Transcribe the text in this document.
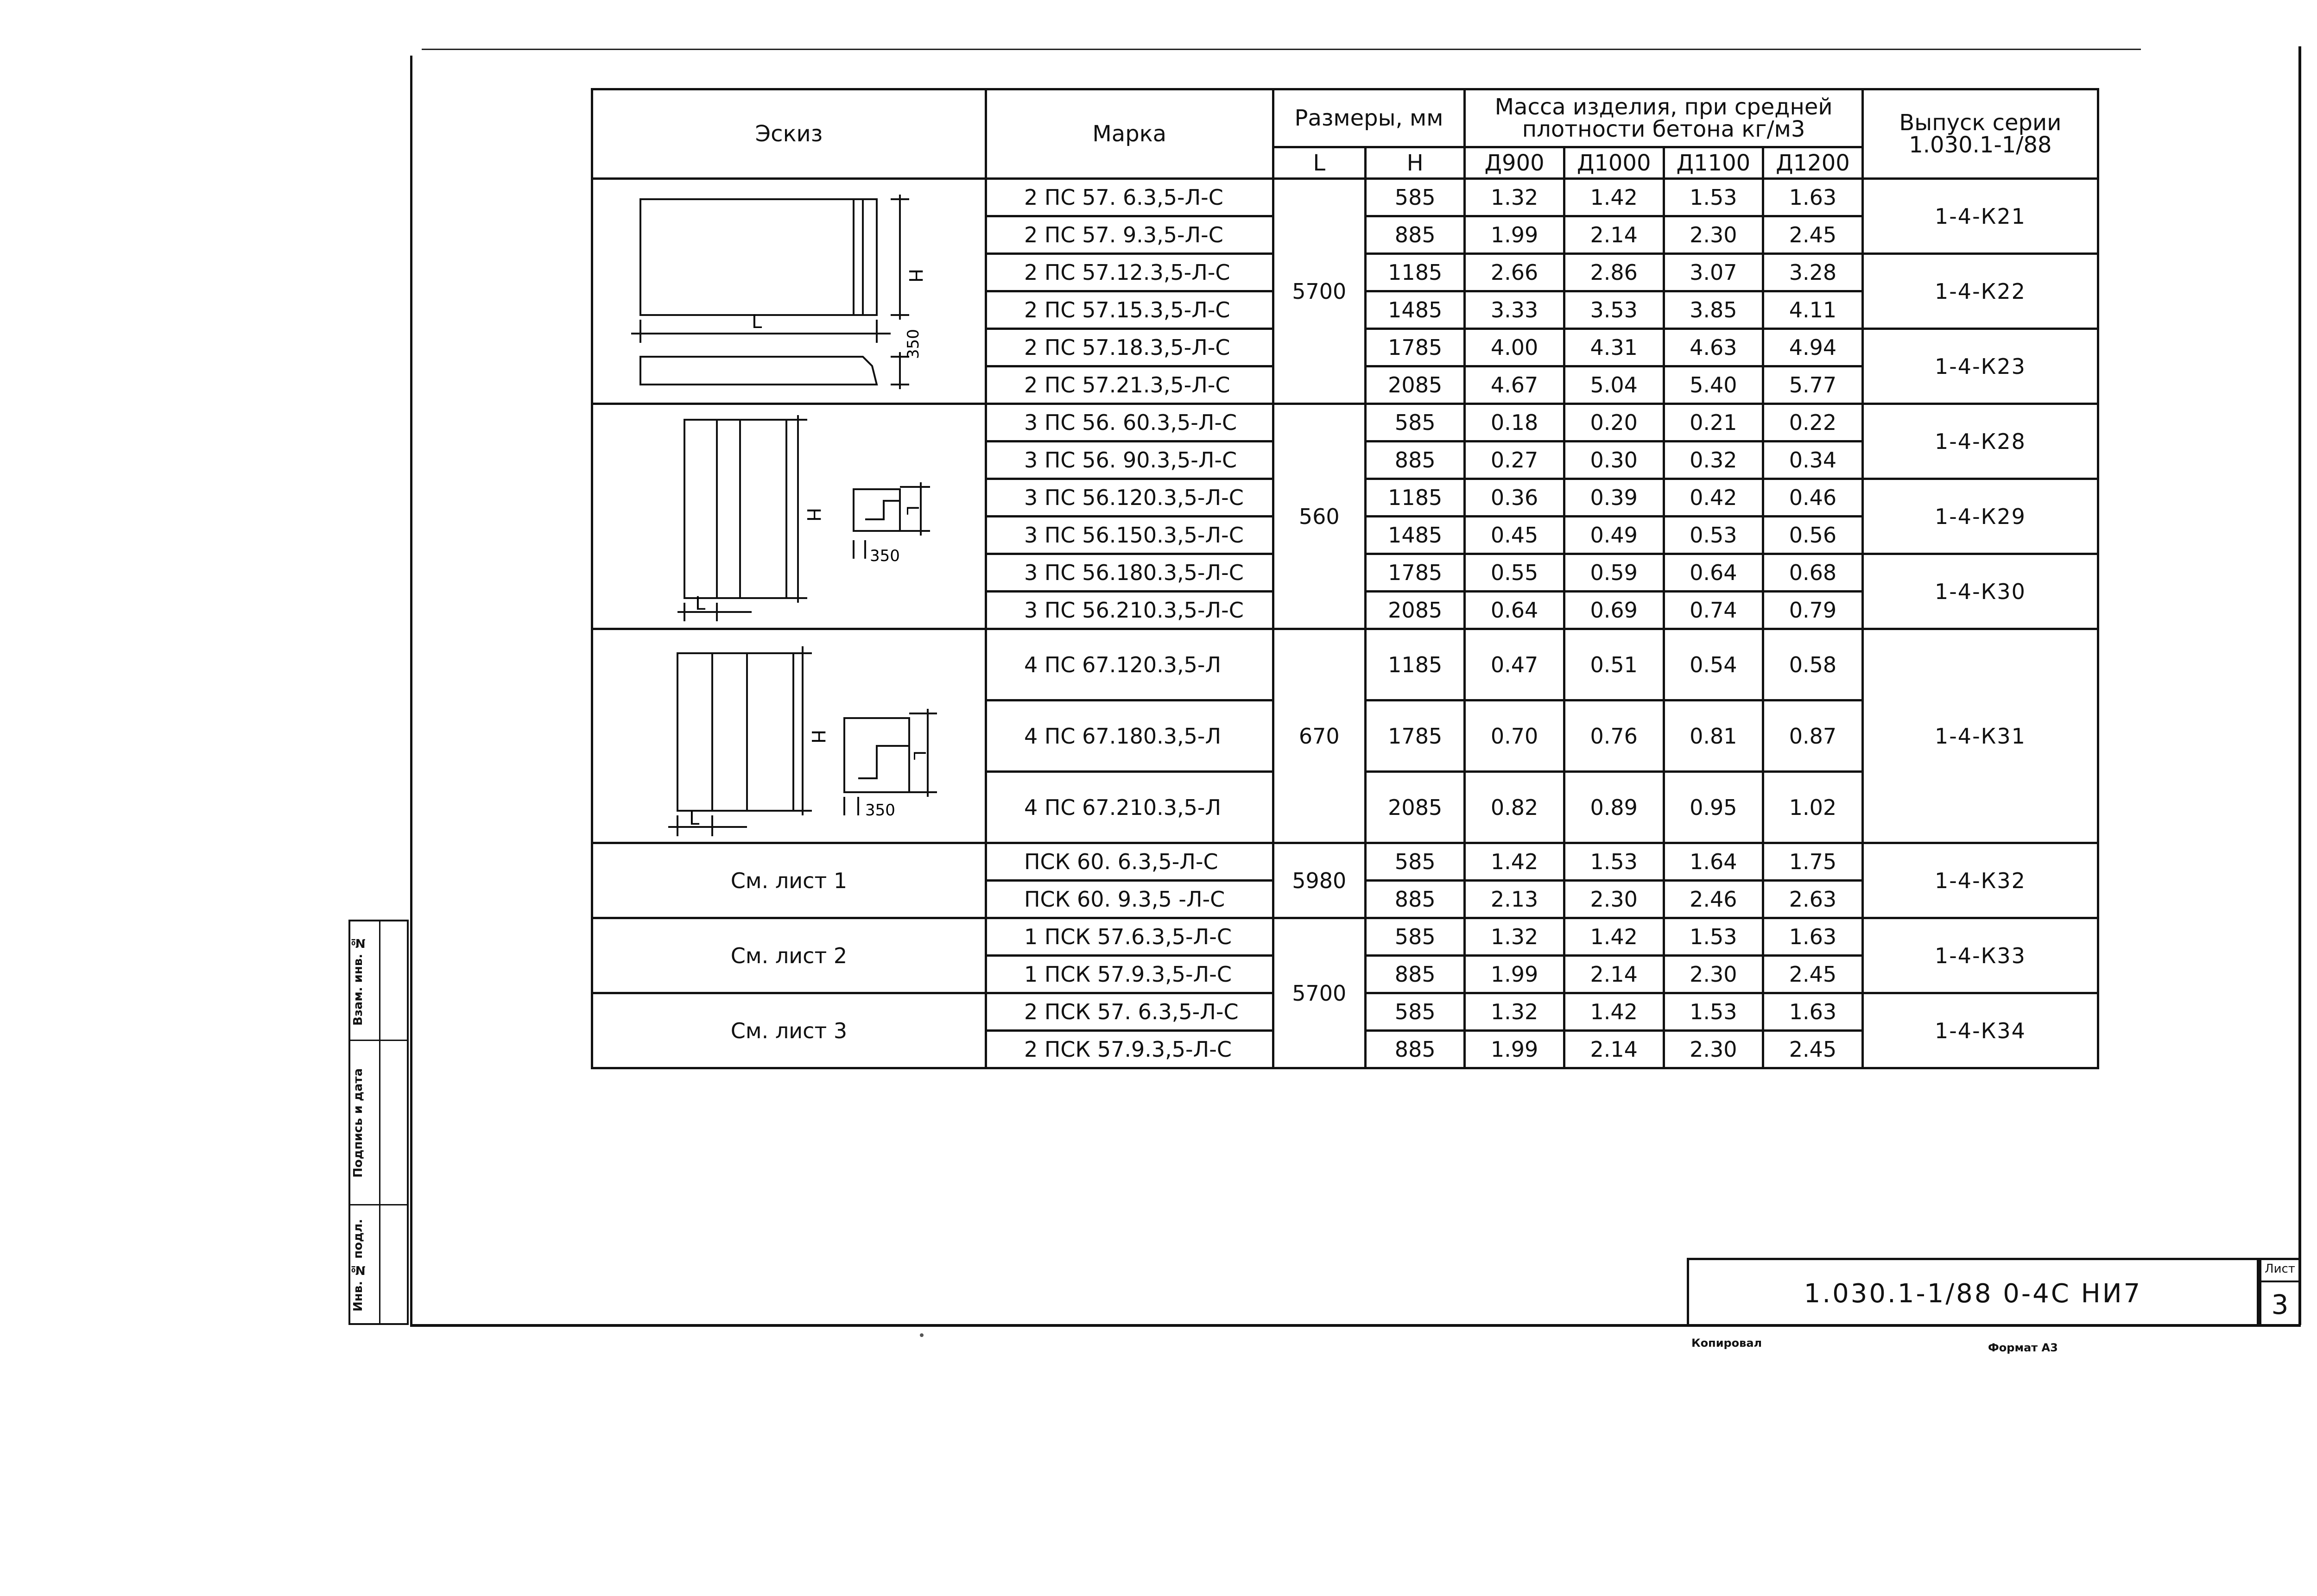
Взам. инв. №
Подпись и дата
Инв. № подл.
Эскиз	Марка	Размеры, мм		Масса изделия, при средней плотности бетона кг/м3				Выпуск серии 1.030.1-1/88
		L	H	Д900	Д1000	Д1100	Д1200	

H
L
350	2 ПС 57. 6.3,5-Л-С	5700	585	1.32	1.42	1.53	1.63	1-4-К21
	2 ПС 57. 9.3,5-Л-С		885	1.99	2.14	2.30	2.45	
	2 ПС 57.12.3,5-Л-С		1185	2.66	2.86	3.07	3.28	1-4-К22
	2 ПС 57.15.3,5-Л-С		1485	3.33	3.53	3.85	4.11	
	2 ПС 57.18.3,5-Л-С		1785	4.00	4.31	4.63	4.94	1-4-К23
	2 ПС 57.21.3,5-Л-С		2085	4.67	5.04	5.40	5.77	

H
L
L
350	3 ПС 56. 60.3,5-Л-С	560	585	0.18	0.20	0.21	0.22	1-4-К28
	3 ПС 56. 90.3,5-Л-С		885	0.27	0.30	0.32	0.34	
	3 ПС 56.120.3,5-Л-С		1185	0.36	0.39	0.42	0.46	1-4-К29
	3 ПС 56.150.3,5-Л-С		1485	0.45	0.49	0.53	0.56	
	3 ПС 56.180.3,5-Л-С		1785	0.55	0.59	0.64	0.68	1-4-К30
	3 ПС 56.210.3,5-Л-С		2085	0.64	0.69	0.74	0.79	

H
L
L
350	4 ПС 67.120.3,5-Л	670	1185	0.47	0.51	0.54	0.58	1-4-К31
	4 ПС 67.180.3,5-Л		1785	0.70	0.76	0.81	0.87	
	4 ПС 67.210.3,5-Л		2085	0.82	0.89	0.95	1.02	
См. лист 1	ПСК 60. 6.3,5-Л-С	5980	585	1.42	1.53	1.64	1.75	1-4-К32
	ПСК 60. 9.3,5 -Л-С		885	2.13	2.30	2.46	2.63	
См. лист 2	1 ПСК 57.6.3,5-Л-С	5700	585	1.32	1.42	1.53	1.63	1-4-К33
	1 ПСК 57.9.3,5-Л-С		885	1.99	2.14	2.30	2.45	
См. лист 3	2 ПСК 57. 6.3,5-Л-С		585	1.32	1.42	1.53	1.63	1-4-К34
	2 ПСК 57.9.3,5-Л-С		885	1.99	2.14	2.30	2.45	
1.030.1-1/88 0-4С НИ7
Лист
3
Копировал	Формат А3
